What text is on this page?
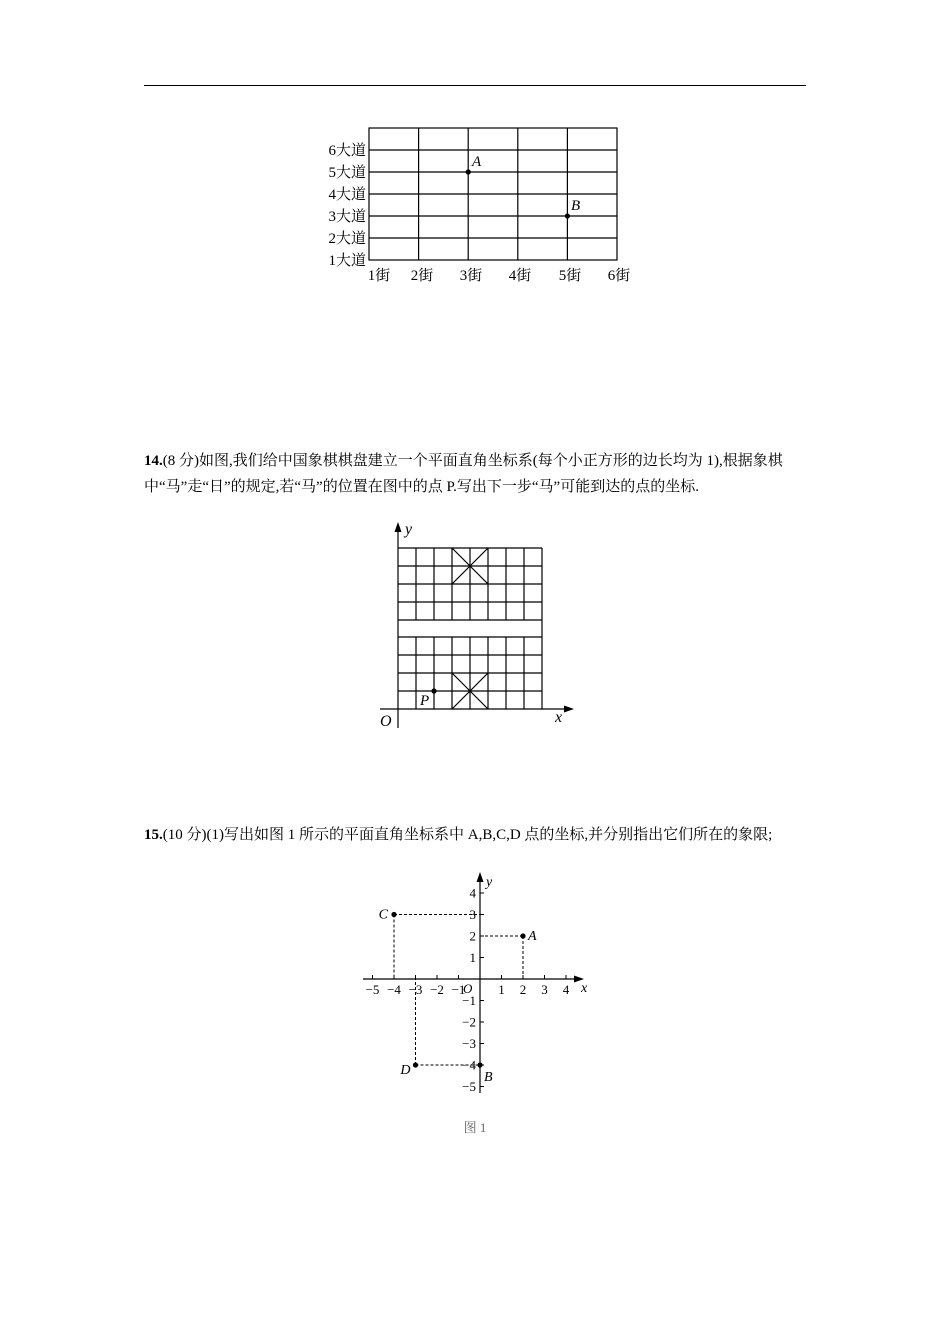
1大道
2大道
3大道
4大道
5大道
6大道
1街 2街 3街 4街 5街 6街
A
B
14.(8 分)如图,我们给中国象棋棋盘建立一个平面直角坐标系(每个小正方形的边长均为 1),根据象棋中“马”走“日”的规定,若“马”的位置在图中的点 P.写出下一步“马”可能到达的点的坐标.
y
x
O
P
15.(10 分)(1)写出如图 1 所示的平面直角坐标系中 A,B,C,D 点的坐标,并分别指出它们所在的象限;
−5 −4 −3 −2 −1	1 2 3 4
4
3
2
1
−1
−2
−3
−4
−5
A
B
C
D
x
y
O
图 1
